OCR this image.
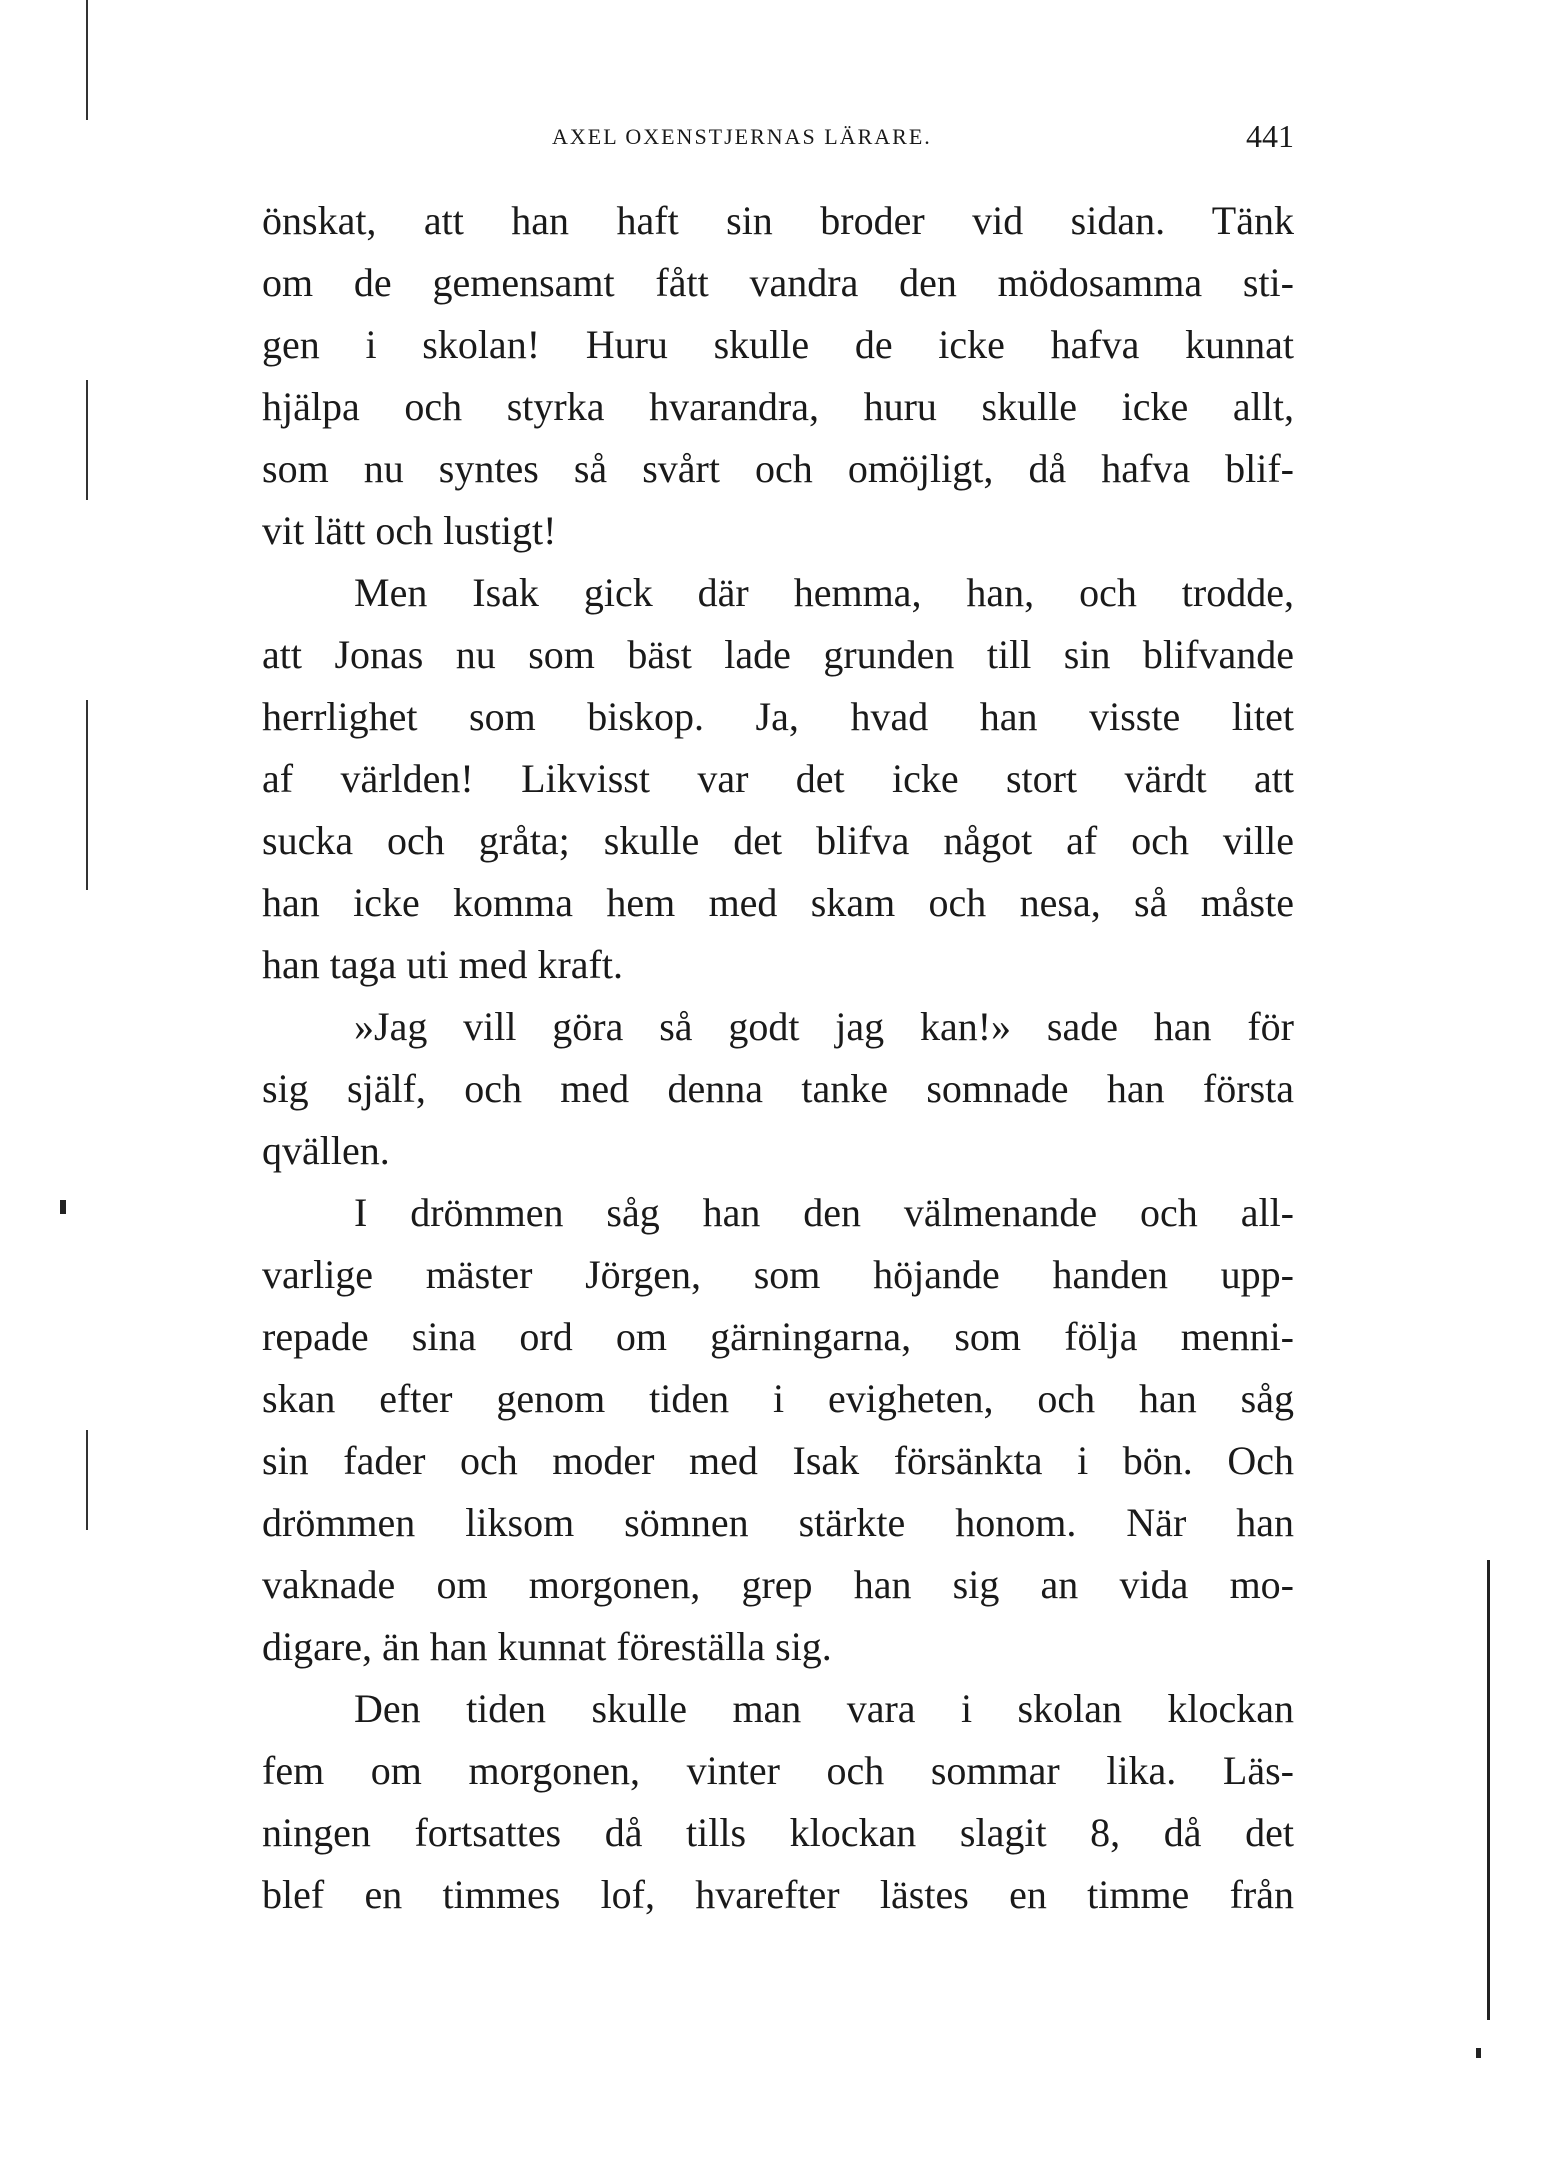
AXEL OXENSTJERNAS LÄRARE.	441
önskat, att han haft sin broder vid sidan. Tänk
om de gemensamt fått vandra den mödosamma sti-
gen i skolan! Huru skulle de icke hafva kunnat
hjälpa och styrka hvarandra, huru skulle icke allt,
som nu syntes så svårt och omöjligt, då hafva blif-
vit lätt och lustigt!
Men Isak gick där hemma, han, och trodde,
att Jonas nu som bäst lade grunden till sin blifvande
herrlighet som biskop. Ja, hvad han visste litet
af världen! Likvisst var det icke stort värdt att
sucka och gråta; skulle det blifva något af och ville
han icke komma hem med skam och nesa, så måste
han taga uti med kraft.
»Jag vill göra så godt jag kan!» sade han för
sig själf, och med denna tanke somnade han första
qvällen.
I drömmen såg han den välmenande och all-
varlige mäster Jörgen, som höjande handen upp-
repade sina ord om gärningarna, som följa menni-
skan efter genom tiden i evigheten, och han såg
sin fader och moder med Isak försänkta i bön. Och
drömmen liksom sömnen stärkte honom. När han
vaknade om morgonen, grep han sig an vida mo-
digare, än han kunnat föreställa sig.
Den tiden skulle man vara i skolan klockan
fem om morgonen, vinter och sommar lika. Läs-
ningen fortsattes då tills klockan slagit 8, då det
blef en timmes lof, hvarefter lästes en timme från
